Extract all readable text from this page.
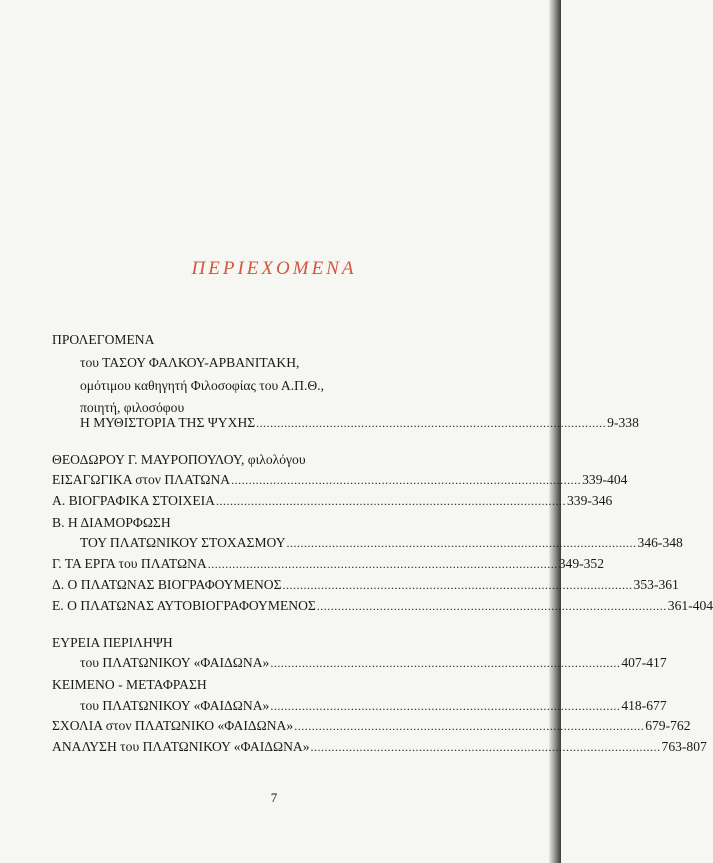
ΠΕΡΙΕΧΟΜΕΝΑ
ΠΡΟΛΕΓΟΜΕΝΑ
του ΤΑΣΟΥ ΦΑΛΚΟΥ-ΑΡΒΑΝΙΤΑΚΗ,
ομότιμου καθηγητή Φιλοσοφίας του Α.Π.Θ.,
ποιητή, φιλοσόφου
Η ΜΥΘΙΣΤΟΡΙΑ ΤΗΣ ΨΥΧΗΣ .................................................................................................... 9-338
ΘΕΟΔΩΡΟΥ Γ. ΜΑΥΡΟΠΟΥΛΟΥ, φιλολόγου
ΕΙΣΑΓΩΓΙΚΑ στον ΠΛΑΤΩΝΑ .................................................................................................... 339-404
Α. ΒΙΟΓΡΑΦΙΚΑ ΣΤΟΙΧΕΙΑ .................................................................................................... 339-346
Β. Η ΔΙΑΜΟΡΦΩΣΗ
ΤΟΥ ΠΛΑΤΩΝΙΚΟΥ ΣΤΟΧΑΣΜΟΥ .................................................................................................... 346-348
Γ. ΤΑ ΕΡΓΑ του ΠΛΑΤΩΝΑ .................................................................................................... 349-352
Δ. Ο ΠΛΑΤΩΝΑΣ ΒΙΟΓΡΑΦΟΥΜΕΝΟΣ .................................................................................................... 353-361
Ε. Ο ΠΛΑΤΩΝΑΣ ΑΥΤΟΒΙΟΓΡΑΦΟΥΜΕΝΟΣ .................................................................................................... 361-404
ΕΥΡΕΙΑ ΠΕΡΙΛΗΨΗ
του ΠΛΑΤΩΝΙΚΟΥ «ΦΑΙΔΩΝΑ» .................................................................................................... 407-417
ΚΕΙΜΕΝΟ - ΜΕΤΑΦΡΑΣΗ
του ΠΛΑΤΩΝΙΚΟΥ «ΦΑΙΔΩΝΑ» .................................................................................................... 418-677
ΣΧΟΛΙΑ στον ΠΛΑΤΩΝΙΚΟ «ΦΑΙΔΩΝΑ» .................................................................................................... 679-762
ΑΝΑΛΥΣΗ του ΠΛΑΤΩΝΙΚΟΥ «ΦΑΙΔΩΝΑ» .................................................................................................... 763-807
7
